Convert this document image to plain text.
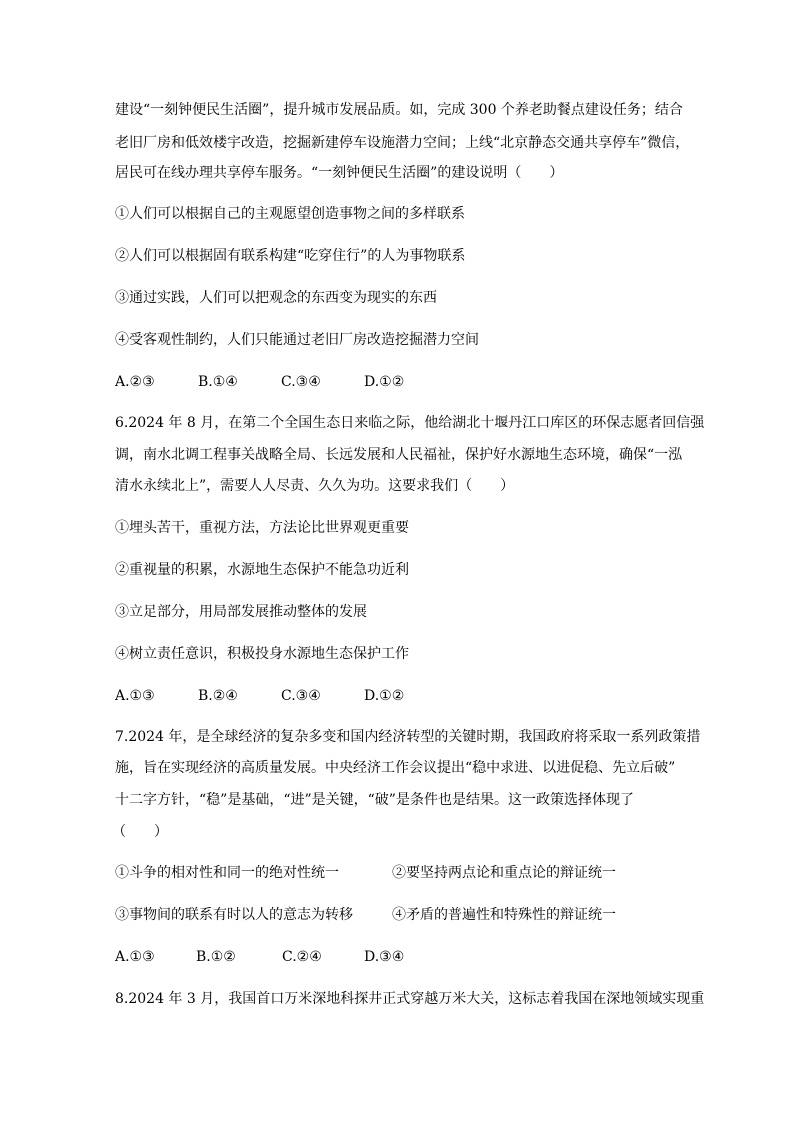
建设“一刻钟便民生活圈”，提升城市发展品质。如，完成 300 个养老助餐点建设任务；结合
老旧厂房和低效楼宇改造，挖掘新建停车设施潜力空间；上线“北京静态交通共享停车”微信，
居民可在线办理共享停车服务。“一刻钟便民生活圈”的建设说明（　　）
①人们可以根据自己的主观愿望创造事物之间的多样联系
②人们可以根据固有联系构建“吃穿住行”的人为事物联系
③通过实践，人们可以把观念的东西变为现实的东西
④受客观性制约，人们只能通过老旧厂房改造挖掘潜力空间
A.②③	B.①④	C.③④	D.①②
6.2024 年 8 月，在第二个全国生态日来临之际，他给湖北十堰丹江口库区的环保志愿者回信强
调，南水北调工程事关战略全局、长远发展和人民福祉，保护好水源地生态环境，确保“一泓
清水永续北上”，需要人人尽责、久久为功。这要求我们（　　）
①埋头苦干，重视方法，方法论比世界观更重要
②重视量的积累，水源地生态保护不能急功近利
③立足部分，用局部发展推动整体的发展
④树立责任意识，积极投身水源地生态保护工作
A.①③	B.②④	C.③④	D.①②
7.2024 年，是全球经济的复杂多变和国内经济转型的关键时期，我国政府将采取一系列政策措
施，旨在实现经济的高质量发展。中央经济工作会议提出“稳中求进、以进促稳、先立后破”
十二字方针，“稳”是基础，“进”是关键，“破”是条件也是结果。这一政策选择体现了
（　　）
①斗争的相对性和同一的绝对性统一	②要坚持两点论和重点论的辩证统一
③事物间的联系有时以人的意志为转移	④矛盾的普遍性和特殊性的辩证统一
A.①③	B.①②	C.②④	D.③④
8.2024 年 3 月，我国首口万米深地科探井正式穿越万米大关，这标志着我国在深地领域实现重
